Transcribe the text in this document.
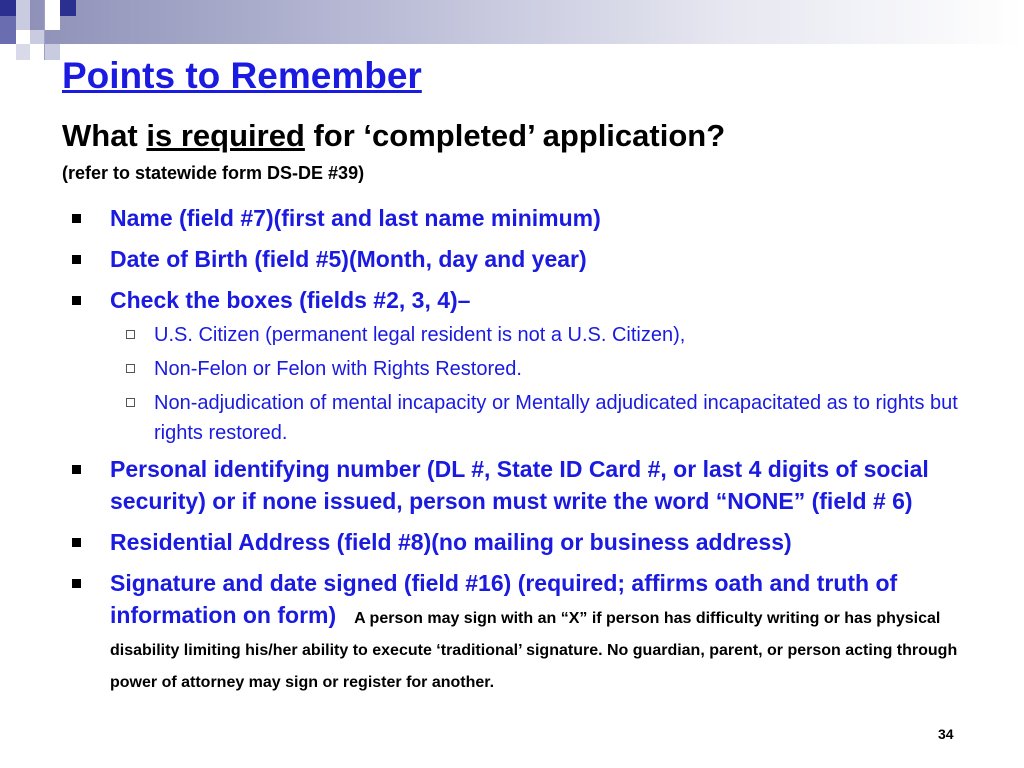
Points to Remember
What is required for ‘completed’ application?

(refer to statewide form DS-DE #39)

Name (field #7)(first and last name minimum)
Date of Birth (field #5)(Month, day and year)
Check the boxes (fields #2, 3, 4)–
U.S. Citizen (permanent legal resident is not a U.S. Citizen),
Non-Felon or Felon with Rights Restored.
Non-adjudication of mental incapacity or Mentally adjudicated incapacitated as to rights but rights restored.
Personal identifying number (DL #, State ID Card #, or last 4 digits of social security) or if none issued, person must write the word “NONE” (field # 6)
Residential Address (field #8)(no mailing or business address)
Signature and date signed (field #16) (required; affirms oath and truth of information on form) A person may sign with an “X” if person has difficulty writing or has physical disability limiting his/her ability to execute ‘traditional’ signature. No guardian, parent, or person acting through power of attorney may sign or register for another.
34
